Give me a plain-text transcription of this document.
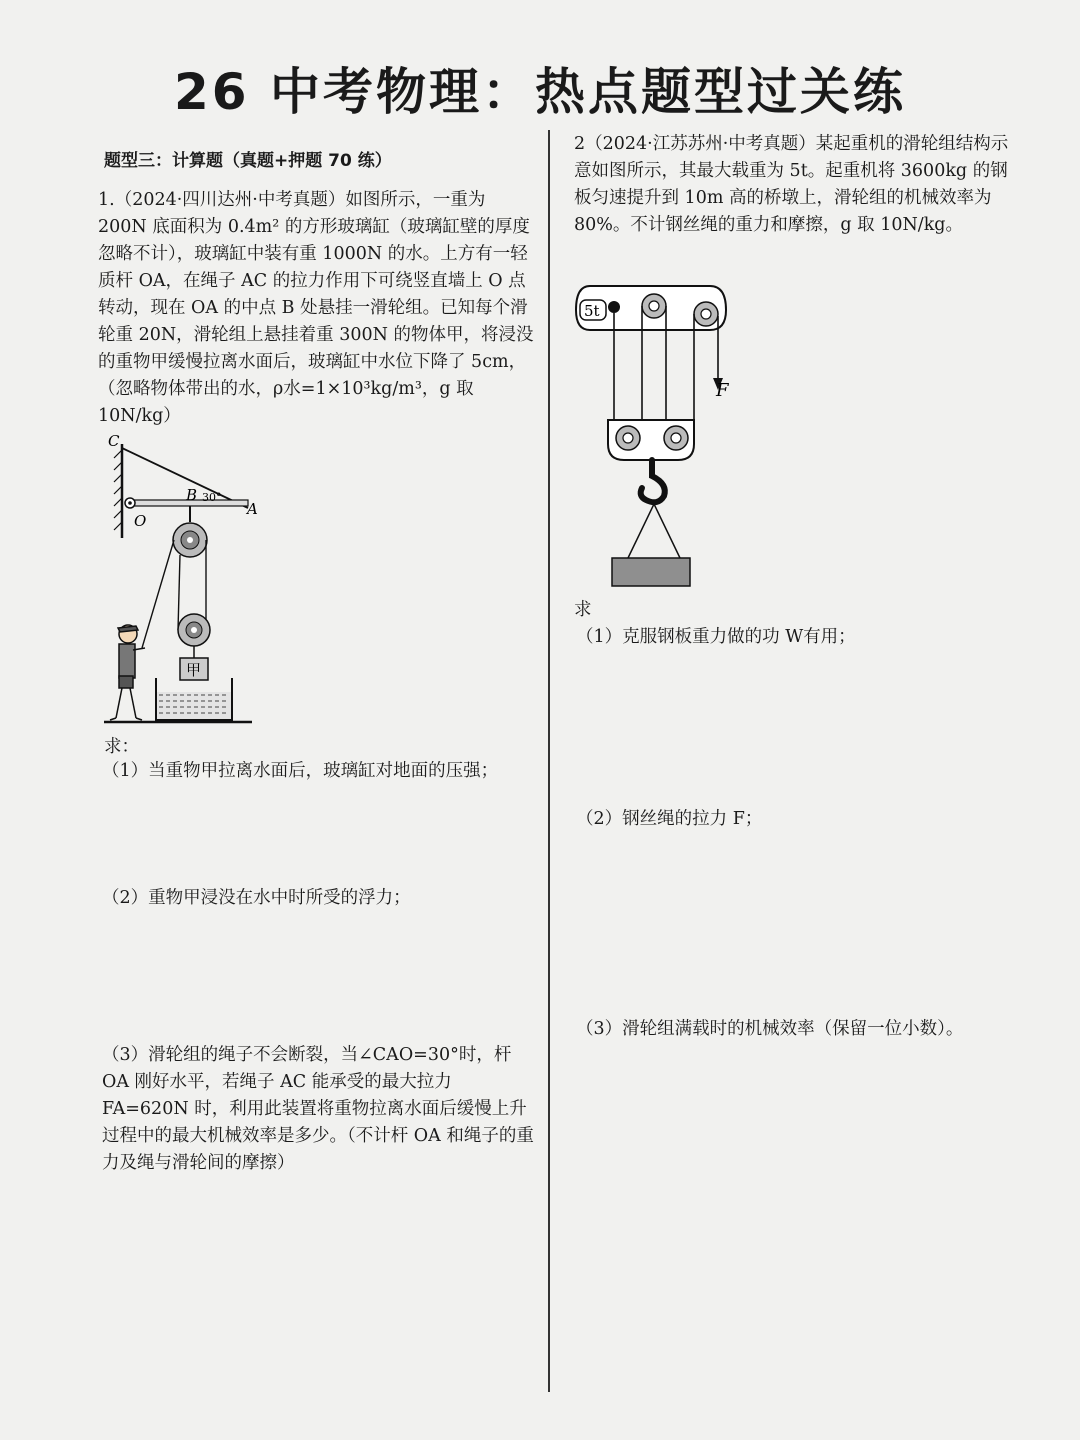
26 中考物理：热点题型过关练
题型三：计算题（真题+押题 70 练）

1.（2024·四川达州·中考真题）如图所示，一重为 200N 底面积为 0.4m² 的方形玻璃缸（玻璃缸壁的厚度忽略不计），玻璃缸中装有重 1000N 的水。上方有一轻质杆 OA，在绳子 AC 的拉力作用下可绕竖直墙上 O 点转动，现在 OA 的中点 B 处悬挂一滑轮组。已知每个滑轮重 20N，滑轮组上悬挂着重 300N 的物体甲，将浸没的重物甲缓慢拉离水面后，玻璃缸中水位下降了 5cm，（忽略物体带出的水，ρ水=1×10³kg/m³，g 取 10N/kg）

C
B 30°
A
O
甲
求：
（1）当重物甲拉离水面后，玻璃缸对地面的压强；
（2）重物甲浸没在水中时所受的浮力；
（3）滑轮组的绳子不会断裂，当∠CAO=30°时，杆 OA 刚好水平，若绳子 AC 能承受的最大拉力 FA=620N 时，利用此装置将重物拉离水面后缓慢上升过程中的最大机械效率是多少。（不计杆 OA 和绳子的重力及绳与滑轮间的摩擦）

2（2024·江苏苏州·中考真题）某起重机的滑轮组结构示意如图所示，其最大载重为 5t。起重机将 3600kg 的钢板匀速提升到 10m 高的桥墩上，滑轮组的机械效率为 80%。不计钢丝绳的重力和摩擦，g 取 10N/kg。

5t
F
求
（1）克服钢板重力做的功 W有用；
（2）钢丝绳的拉力 F；
（3）滑轮组满载时的机械效率（保留一位小数）。
